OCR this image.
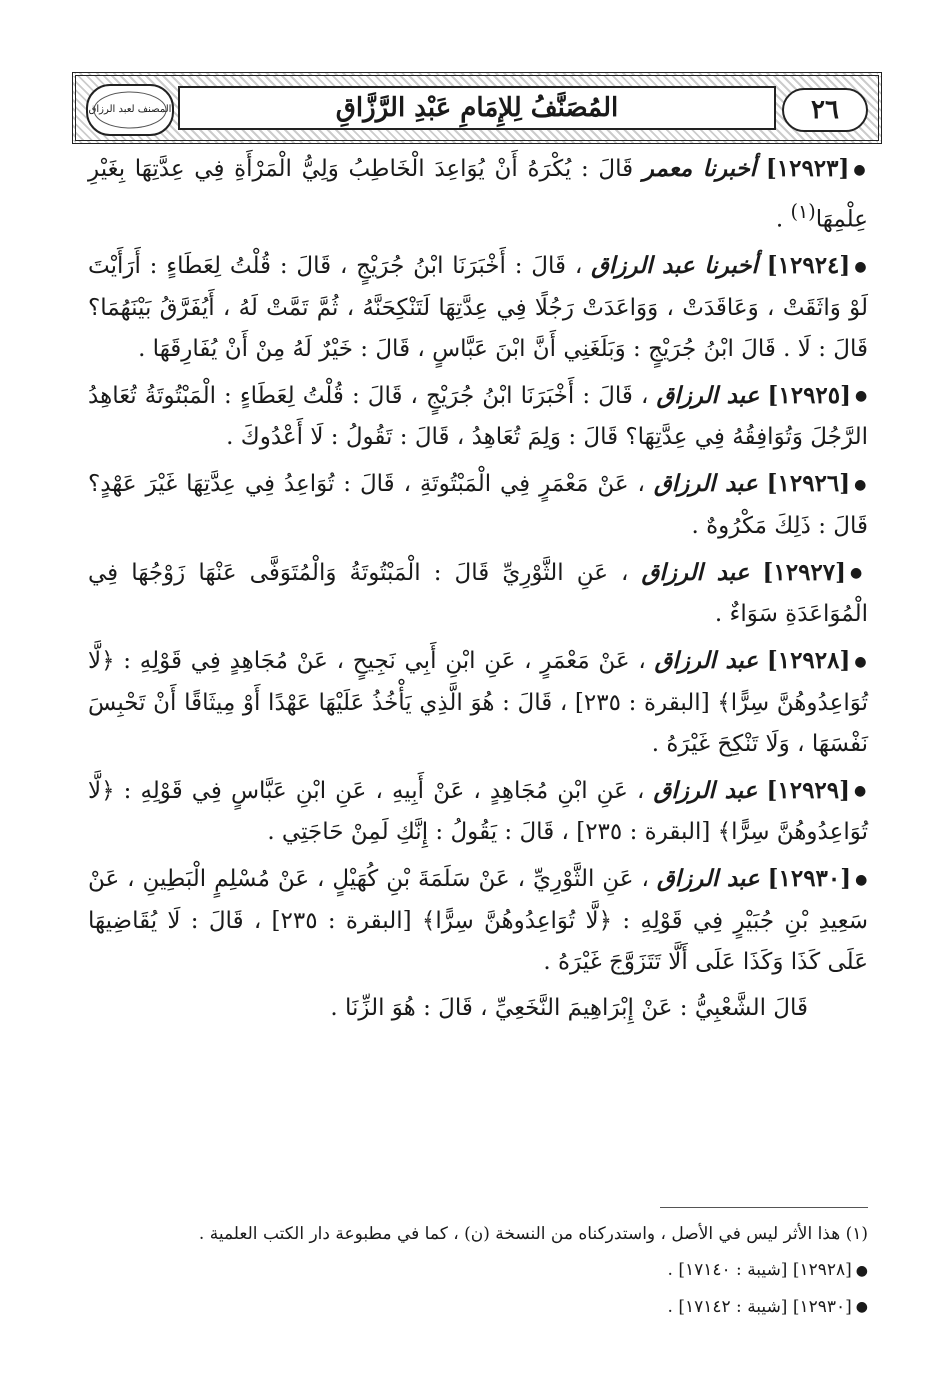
المصنف لعبد الرزاق	المُصَنَّفُ لِلإِمَامِ عَبْدِ الرَّزَّاقِ	٢٦

●[١٢٩٢٣] أخبرنا معمر قَالَ : يُكْرَهُ أَنْ يُوَاعِدَ الْخَاطِبُ وَلِيُّ الْمَرْأَةِ فِي عِدَّتِهَا بِغَيْرِ عِلْمِهَا$^{(١)}$ .

●[١٢٩٢٤] أخبرنا عبد الرزاق ، قَالَ : أَخْبَرَنَا ابْنُ جُرَيْجٍ ، قَالَ : قُلْتُ لِعَطَاءٍ : أَرَأَيْتَ لَوْ وَاثَقَتْ ، وَعَاقَدَتْ ، وَوَاعَدَتْ رَجُلًا فِي عِدَّتِهَا لَتَنْكِحَنَّهُ ، ثُمَّ تَمَّتْ لَهُ ، أَيُفَرَّقُ بَيْنَهُمَا؟ قَالَ : لَا . قَالَ ابْنُ جُرَيْجٍ : وَبَلَغَنِي أَنَّ ابْنَ عَبَّاسٍ ، قَالَ : خَيْرٌ لَهُ مِنْ أَنْ يُفَارِقَهَا .

●[١٢٩٢٥] عبد الرزاق ، قَالَ : أَخْبَرَنَا ابْنُ جُرَيْجٍ ، قَالَ : قُلْتُ لِعَطَاءٍ : الْمَبْتُوتَةُ تُعَاهِدُ الرَّجُلَ وَتُوَافِقُهُ فِي عِدَّتِهَا؟ قَالَ : وَلِمَ تُعَاهِدُ ، قَالَ : تَقُولُ : لَا أَعْدُوكَ .

●[١٢٩٢٦] عبد الرزاق ، عَنْ مَعْمَرٍ فِي الْمَبْتُوتَةِ ، قَالَ : تُوَاعِدُ فِي عِدَّتِهَا غَيْرَ عَهْدٍ؟ قَالَ : ذَلِكَ مَكْرُوهٌ .

●[١٢٩٢٧] عبد الرزاق ، عَنِ الثَّوْرِيِّ قَالَ : الْمَبْتُوتَةُ وَالْمُتَوَفَّى عَنْهَا زَوْجُهَا فِي الْمُوَاعَدَةِ سَوَاءٌ .

●[١٢٩٢٨] عبد الرزاق ، عَنْ مَعْمَرٍ ، عَنِ ابْنِ أَبِي نَجِيحٍ ، عَنْ مُجَاهِدٍ فِي قَوْلِهِ : ﴿لَّا تُوَاعِدُوهُنَّ سِرًّا﴾ [البقرة : ٢٣٥] ، قَالَ : هُوَ الَّذِي يَأْخُذُ عَلَيْهَا عَهْدًا أَوْ مِيثَاقًا أَنْ تَحْبِسَ نَفْسَهَا ، وَلَا تَنْكِحَ غَيْرَهُ .

●[١٢٩٢٩] عبد الرزاق ، عَنِ ابْنِ مُجَاهِدٍ ، عَنْ أَبِيهِ ، عَنِ ابْنِ عَبَّاسٍ فِي قَوْلِهِ : ﴿لَّا تُوَاعِدُوهُنَّ سِرًّا﴾ [البقرة : ٢٣٥] ، قَالَ : يَقُولُ : إِنَّكِ لَمِنْ حَاجَتِي .

●[١٢٩٣٠] عبد الرزاق ، عَنِ الثَّوْرِيِّ ، عَنْ سَلَمَةَ بْنِ كُهَيْلٍ ، عَنْ مُسْلِمٍ الْبَطِينِ ، عَنْ سَعِيدِ بْنِ جُبَيْرٍ فِي قَوْلِهِ : ﴿لَّا تُوَاعِدُوهُنَّ سِرًّا﴾ [البقرة : ٢٣٥] ، قَالَ : لَا يُقَاضِيهَا عَلَى كَذَا وَكَذَا عَلَى أَلَّا تَتَزَوَّجَ غَيْرَهُ .

قَالَ الشَّعْبِيُّ : عَنْ إِبْرَاهِيمَ النَّخَعِيِّ ، قَالَ : هُوَ الزِّنَا .

(١) هذا الأثر ليس في الأصل ، واستدركناه من النسخة (ن) ، كما في مطبوعة دار الكتب العلمية .
●[١٢٩٢٨] [شيبة : ١٧١٤٠] .
●[١٢٩٣٠] [شيبة : ١٧١٤٢] .
